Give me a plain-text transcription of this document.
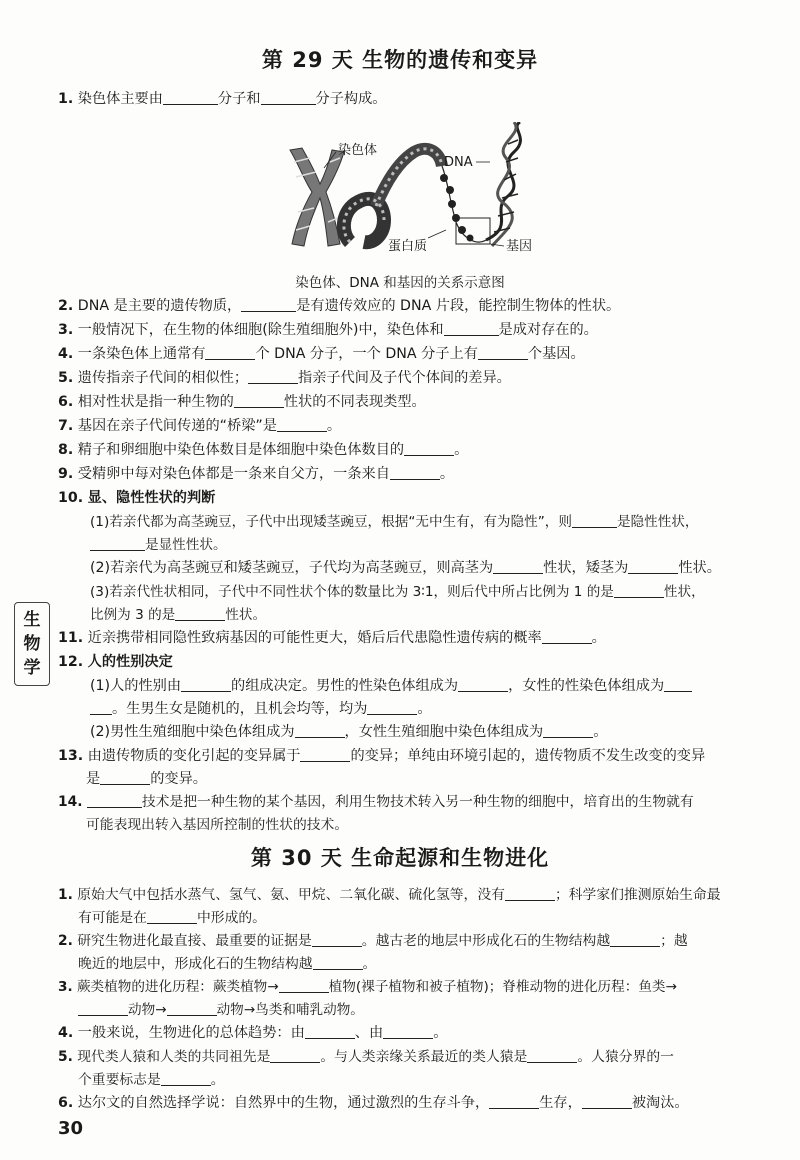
第 29 天 生物的遗传和变异

1. 染色体主要由	分子和	分子构成。

染色体
DNA
蛋白质	基因
染色体、DNA 和基因的关系示意图

2. DNA 是主要的遗传物质，	是有遗传效应的 DNA 片段，能控制生物体的性状。

3. 一般情况下，在生物的体细胞(除生殖细胞外)中，染色体和	是成对存在的。

4. 一条染色体上通常有	个 DNA 分子，一个 DNA 分子上有	个基因。

5. 遗传指亲子代间的相似性；	指亲子代间及子代个体间的差异。

6. 相对性状是指一种生物的	性状的不同表现类型。

7. 基因在亲子代间传递的“桥梁”是	。

8. 精子和卵细胞中染色体数目是体细胞中染色体数目的	。

9. 受精卵中每对染色体都是一条来自父方，一条来自	。

10. 显、隐性性状的判断

(1)若亲代都为高茎豌豆，子代中出现矮茎豌豆，根据“无中生有，有为隐性”，则	是隐性性状，
是显性性状。

(2)若亲代为高茎豌豆和矮茎豌豆，子代均为高茎豌豆，则高茎为	性状，矮茎为	性状。

(3)若亲代性状相同，子代中不同性状个体的数量比为 3∶1，则后代中所占比例为 1 的是	性状，
比例为 3 的是	性状。

11. 近亲携带相同隐性致病基因的可能性更大，婚后后代患隐性遗传病的概率	。

12. 人的性别决定

(1)人的性别由	的组成决定。男性的性染色体组成为	，女性的性染色体组成为
。生男生女是随机的，且机会均等，均为	。

(2)男性生殖细胞中染色体组成为	，女性生殖细胞中染色体组成为	。

13. 由遗传物质的变化引起的变异属于	的变异；单纯由环境引起的，遗传物质不发生改变的变异
是	的变异。

14.	技术是把一种生物的某个基因，利用生物技术转入另一种生物的细胞中，培育出的生物就有
可能表现出转入基因所控制的性状的技术。

第 30 天 生命起源和生物进化

1. 原始大气中包括水蒸气、氢气、氨、甲烷、二氧化碳、硫化氢等，没有	；科学家们推测原始生命最
有可能是在	中形成的。

2. 研究生物进化最直接、最重要的证据是	。越古老的地层中形成化石的生物结构越	；越
晚近的地层中，形成化石的生物结构越	。

3. 蕨类植物的进化历程：蕨类植物→	植物(裸子植物和被子植物)；脊椎动物的进化历程：鱼类→
动物→	动物→鸟类和哺乳动物。

4. 一般来说，生物进化的总体趋势：由	、由	。

5. 现代类人猿和人类的共同祖先是	。与人类亲缘关系最近的类人猿是	。人猿分界的一
个重要标志是	。

6. 达尔文的自然选择学说：自然界中的生物，通过激烈的生存斗争，	生存，	被淘汰。

生
物
学
30
